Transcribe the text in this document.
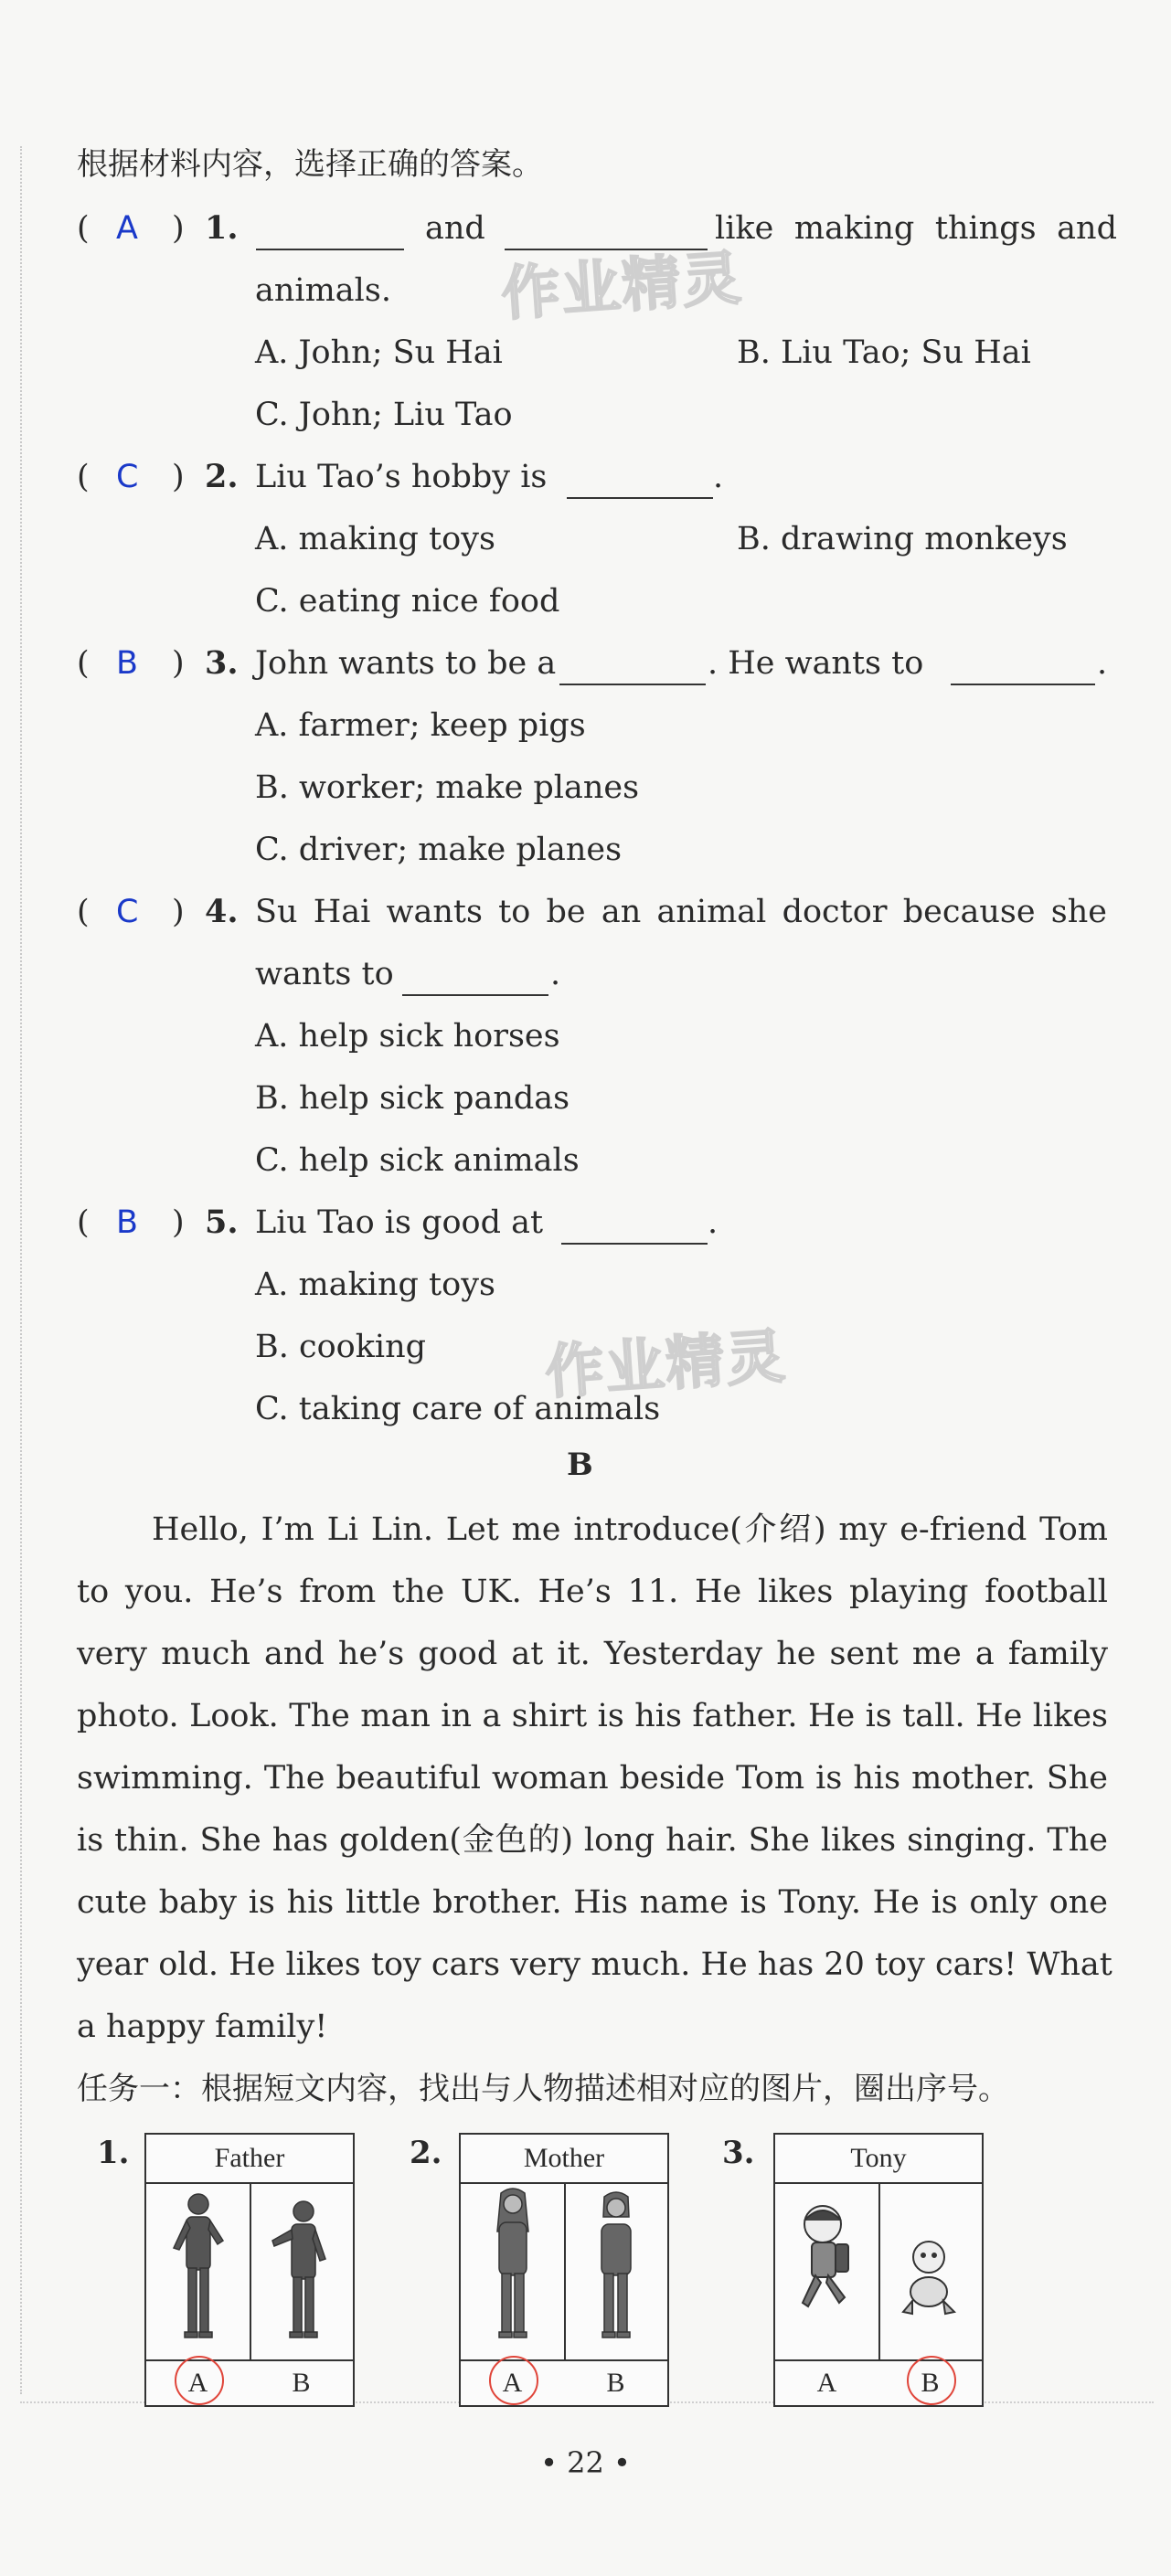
根据材料内容，选择正确的答案。
作业精灵
作业精灵
( A ) 1.	and	like making things and
animals.
A. John; Su Hai	B. Liu Tao; Su Hai
C. John; Liu Tao
( C ) 2. Liu Tao’s hobby is	.
A. making toys	B. drawing monkeys
C. eating nice food
( B ) 3. John wants to be a	. He wants to	.
A. farmer; keep pigs
B. worker; make planes
C. driver; make planes
( C ) 4. Su Hai wants to be an animal doctor because she
wants to	.
A. help sick horses
B. help sick pandas
C. help sick animals
( B ) 5. Liu Tao is good at	.
A. making toys
B. cooking
C. taking care of animals
B
Hello, I’m Li Lin. Let me introduce(介绍) my e-friend Tom
to you. He’s from the UK. He’s 11. He likes playing football
very much and he’s good at it. Yesterday he sent me a family
photo. Look. The man in a shirt is his father. He is tall. He likes
swimming. The beautiful woman beside Tom is his mother. She
is thin. She has golden(金色的) long hair. She likes singing. The
cute baby is his little brother. His name is Tony. He is only one
year old. He likes toy cars very much. He has 20 toy cars! What
a happy family!
任务一：根据短文内容，找出与人物描述相对应的图片，圈出序号。
1.	Father
A	B
2.	Mother
A	B
3.	Tony
A	B
• 22 •
